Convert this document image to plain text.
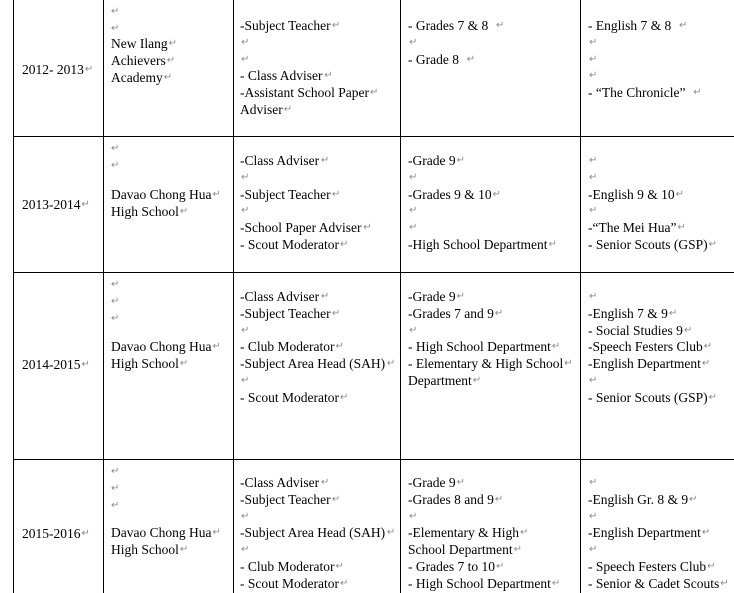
2012- 2013 ↵
↵
↵
New Ilang ↵
Achievers ↵
Academy ↵
-Subject Teacher ↵
↵
↵
- Class Adviser ↵
-Assistant School Paper ↵
Adviser ↵
- Grades 7 & 8 ↵
↵
- Grade 8 ↵
- English 7 & 8 ↵
↵
↵
↵
- “The Chronicle” ↵
2013-2014 ↵
↵
↵
Davao Chong Hua ↵
High School ↵
-Class Adviser ↵
↵
-Subject Teacher ↵
↵
-School Paper Adviser ↵
- Scout Moderator ↵
-Grade 9 ↵
↵
-Grades 9 & 10 ↵
↵
↵
-High School Department ↵
↵
↵
-English 9 & 10 ↵
↵
-“The Mei Hua” ↵
- Senior Scouts (GSP) ↵
2014-2015 ↵
↵
↵
↵
Davao Chong Hua ↵
High School ↵
-Class Adviser ↵
-Subject Teacher ↵
↵
- Club Moderator ↵
-Subject Area Head (SAH) ↵
↵
- Scout Moderator ↵
-Grade 9 ↵
-Grades 7 and 9 ↵
↵
- High School Department ↵
- Elementary & High School ↵
Department ↵
↵
-English 7 & 9 ↵
- Social Studies 9 ↵
-Speech Festers Club ↵
-English Department ↵
↵
- Senior Scouts (GSP) ↵
2015-2016 ↵
↵
↵
↵
Davao Chong Hua ↵
High School ↵
-Class Adviser ↵
-Subject Teacher ↵
↵
-Subject Area Head (SAH) ↵
↵
- Club Moderator ↵
- Scout Moderator ↵
-Grade 9 ↵
-Grades 8 and 9 ↵
↵
-Elementary & High ↵
School Department ↵
- Grades 7 to 10 ↵
- High School Department ↵
↵
-English Gr. 8 & 9 ↵
↵
-English Department ↵
↵
- Speech Festers Club ↵
- Senior & Cadet Scouts ↵
